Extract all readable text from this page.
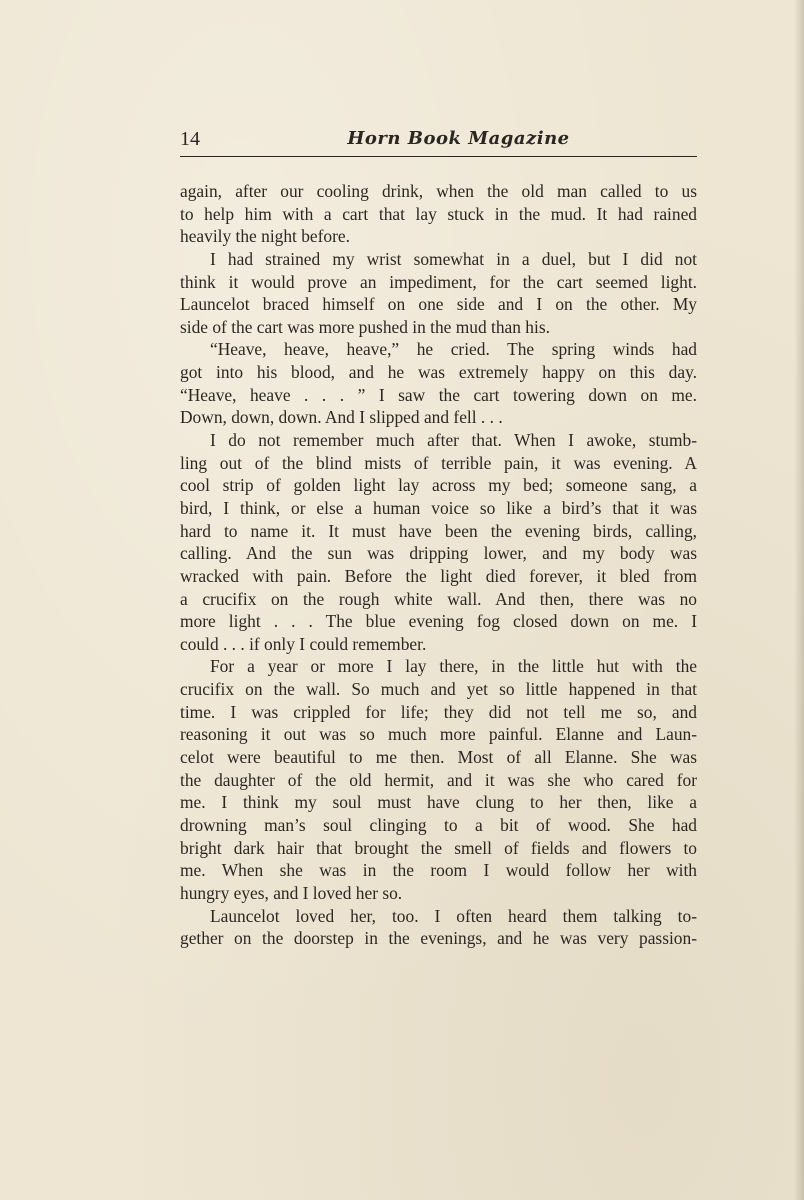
14	Horn Book Magazine
again, after our cooling drink, when the old man called to us
to help him with a cart that lay stuck in the mud. It had rained
heavily the night before.
I had strained my wrist somewhat in a duel, but I did not
think it would prove an impediment, for the cart seemed light.
Launcelot braced himself on one side and I on the other. My
side of the cart was more pushed in the mud than his.
“Heave, heave, heave,” he cried. The spring winds had
got into his blood, and he was extremely happy on this day.
“Heave, heave . . . ” I saw the cart towering down on me.
Down, down, down. And I slipped and fell . . .
I do not remember much after that. When I awoke, stumb-
ling out of the blind mists of terrible pain, it was evening. A
cool strip of golden light lay across my bed; someone sang, a
bird, I think, or else a human voice so like a bird’s that it was
hard to name it. It must have been the evening birds, calling,
calling. And the sun was dripping lower, and my body was
wracked with pain. Before the light died forever, it bled from
a crucifix on the rough white wall. And then, there was no
more light . . . The blue evening fog closed down on me. I
could . . . if only I could remember.
For a year or more I lay there, in the little hut with the
crucifix on the wall. So much and yet so little happened in that
time. I was crippled for life; they did not tell me so, and
reasoning it out was so much more painful. Elanne and Laun-
celot were beautiful to me then. Most of all Elanne. She was
the daughter of the old hermit, and it was she who cared for
me. I think my soul must have clung to her then, like a
drowning man’s soul clinging to a bit of wood. She had
bright dark hair that brought the smell of fields and flowers to
me. When she was in the room I would follow her with
hungry eyes, and I loved her so.
Launcelot loved her, too. I often heard them talking to-
gether on the doorstep in the evenings, and he was very passion-
